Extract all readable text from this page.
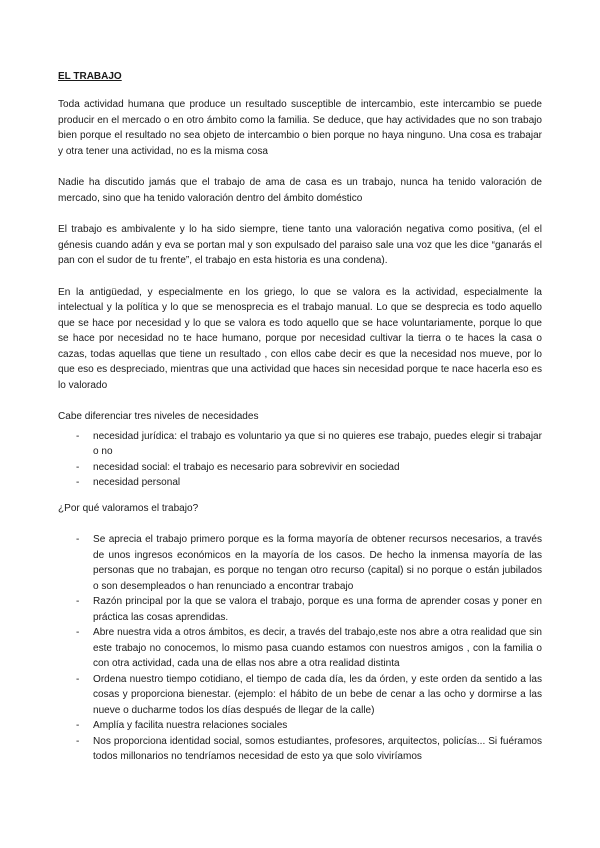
EL TRABAJO

Toda actividad humana que produce un resultado susceptible de intercambio, este intercambio se puede producir en el mercado o en otro ámbito como la familia. Se deduce, que hay actividades que no son trabajo bien porque el resultado no sea objeto de intercambio o bien porque no haya ninguno. Una cosa es trabajar y otra tener una actividad, no es la misma cosa

Nadie ha discutido jamás que el trabajo de ama de casa es un trabajo, nunca ha tenido valoración de mercado, sino que ha tenido valoración dentro del ámbito doméstico

El trabajo es ambivalente y lo ha sido siempre, tiene tanto una valoración negativa como positiva, (el el génesis cuando adán y eva se portan mal y son expulsado del paraiso sale una voz que les dice “ganarás el pan con el sudor de tu frente”, el trabajo en esta historia es una condena).

En la antigüedad, y especialmente en los griego, lo que se valora es la actividad, especialmente la intelectual y la política y lo que se menosprecia es el trabajo manual. Lo que se desprecia es todo aquello que se hace por necesidad y lo que se valora es todo aquello que se hace voluntariamente, porque lo que se hace por necesidad no te hace humano, porque por necesidad cultivar la tierra o te haces la casa o cazas, todas aquellas que tiene un resultado , con ellos cabe decir es que la necesidad nos mueve, por lo que eso es despreciado, mientras que una actividad que haces sin necesidad porque te nace hacerla eso es lo valorado

Cabe diferenciar tres niveles de necesidades

- necesidad jurídica: el trabajo es voluntario ya que si no quieres ese trabajo, puedes elegir si trabajar o no
- necesidad social: el trabajo es necesario para sobrevivir en sociedad
- necesidad personal

¿Por qué valoramos el trabajo?

- Se aprecia el trabajo primero porque es la forma mayoría de obtener recursos necesarios, a través de unos ingresos económicos en la mayoría de los casos. De hecho la inmensa mayoría de las personas que no trabajan, es porque no tengan otro recurso (capital) si no porque o están jubilados o son desempleados o han renunciado a encontrar trabajo
- Razón principal por la que se valora el trabajo, porque es una forma de aprender cosas y poner en práctica las cosas aprendidas.
- Abre nuestra vida a otros ámbitos, es decir, a través del trabajo,este nos abre a otra realidad que sin este trabajo no conocemos, lo mismo pasa cuando estamos con nuestros amigos , con la familia o con otra actividad, cada una de ellas nos abre a otra realidad distinta
- Ordena nuestro tiempo cotidiano, el tiempo de cada día, les da órden, y este orden da sentido a las cosas y proporciona bienestar. (ejemplo: el hábito de un bebe de cenar a las ocho y dormirse a las nueve o ducharme todos los días después de llegar de la calle)
- Amplía y facilita nuestra relaciones sociales
- Nos proporciona identidad social, somos estudiantes, profesores, arquitectos, policías... Si fuéramos todos millonarios no tendríamos necesidad de esto ya que solo viviríamos
